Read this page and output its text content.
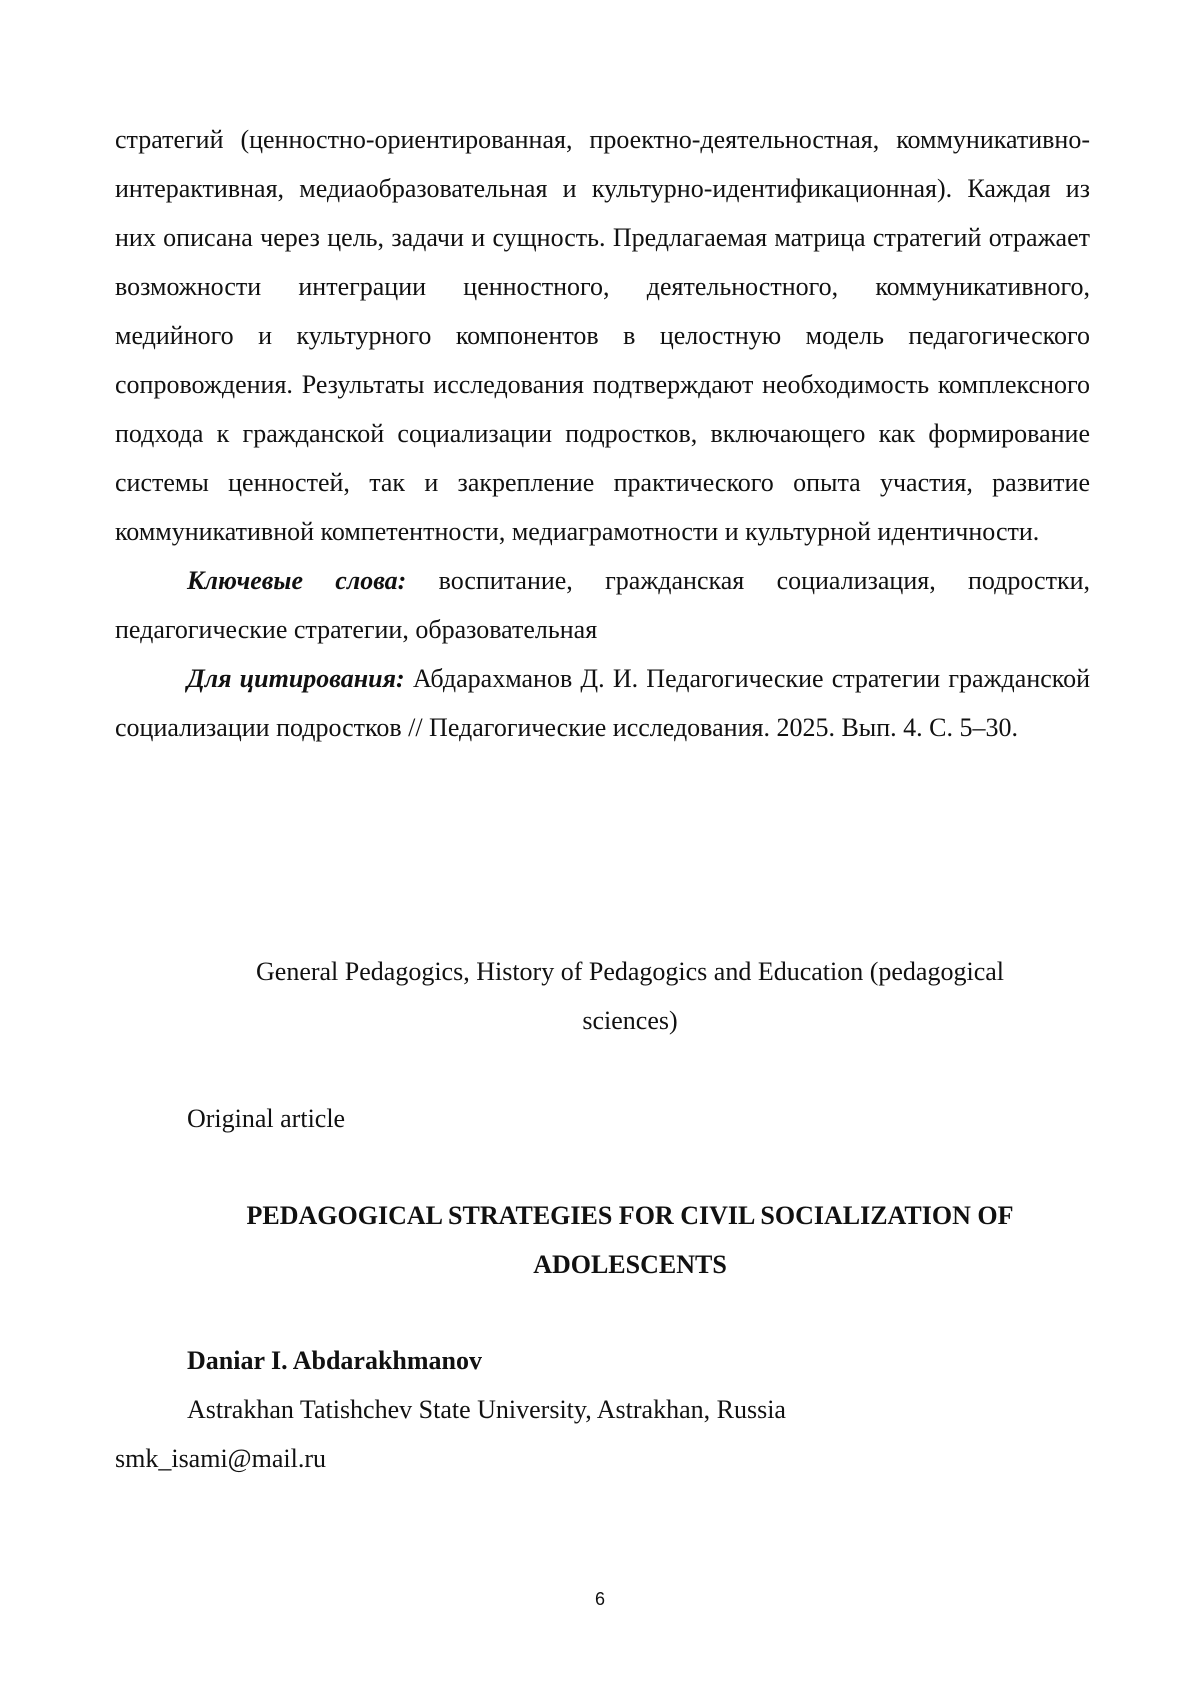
стратегий (ценностно-ориентированная, проектно-деятельностная, коммуникативно-интерактивная, медиаобразовательная и культурно-идентификационная). Каждая из них описана через цель, задачи и сущность. Предлагаемая матрица стратегий отражает возможности интеграции ценностного, деятельностного, коммуникативного, медийного и культурного компонентов в целостную модель педагогического сопровождения. Результаты исследования подтверждают необходимость комплексного подхода к гражданской социализации подростков, включающего как формирование системы ценностей, так и закрепление практического опыта участия, развитие коммуникативной компетентности, медиаграмотности и культурной идентичности.

Ключевые слова: воспитание, гражданская социализация, подростки, педагогические стратегии, образовательная

Для цитирования: Абдарахманов Д. И. Педагогические стратегии гражданской социализации подростков // Педагогические исследования. 2025. Вып. 4. С. 5–30.

General Pedagogics, History of Pedagogics and Education (pedagogical sciences)

Original article

PEDAGOGICAL STRATEGIES FOR CIVIL SOCIALIZATION OF ADOLESCENTS

Daniar I. Abdarakhmanov

Astrakhan Tatishchev State University, Astrakhan, Russia

smk_isami@mail.ru

6
